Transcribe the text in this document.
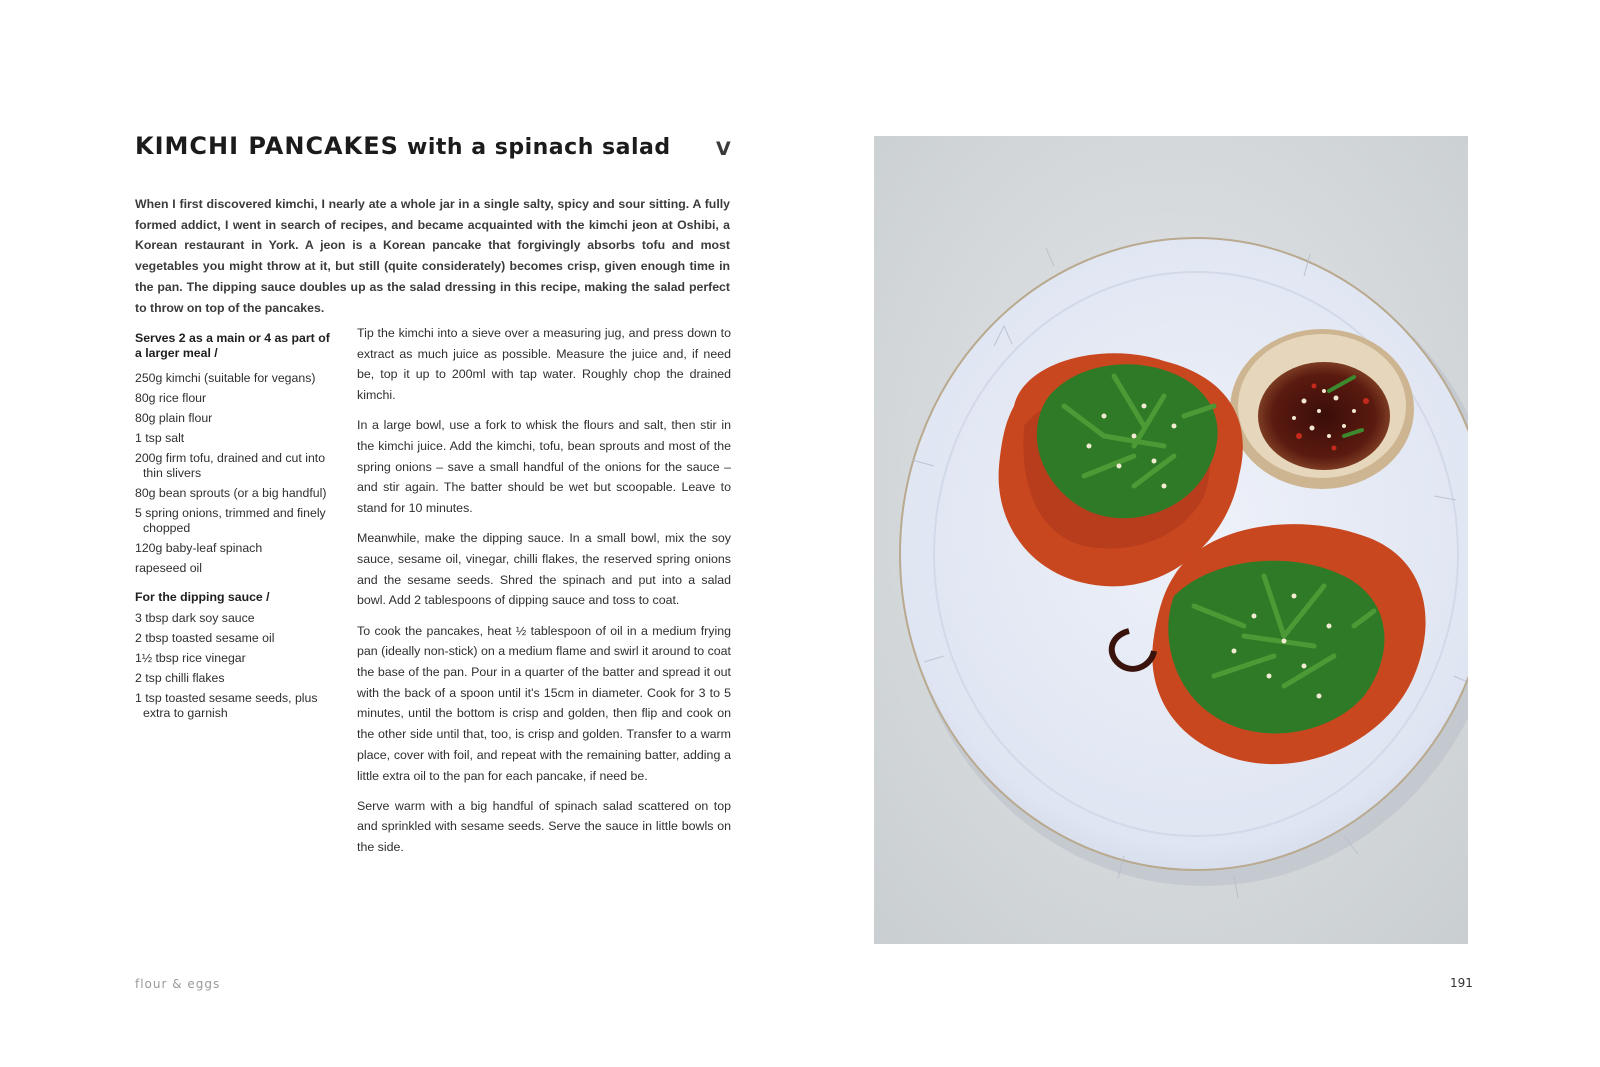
KIMCHI PANCAKES with a spinach salad	V

When I first discovered kimchi, I nearly ate a whole jar in a single salty, spicy and sour sitting. A fully formed addict, I went in search of recipes, and became acquainted with the kimchi jeon at Oshibi, a Korean restaurant in York. A jeon is a Korean pancake that forgivingly absorbs tofu and most vegetables you might throw at it, but still (quite considerately) becomes crisp, given enough time in the pan. The dipping sauce doubles up as the salad dressing in this recipe, making the salad perfect to throw on top of the pancakes.

Serves 2 as a main or 4 as part of a larger meal /
250g kimchi (suitable for vegans)
80g rice flour
80g plain flour
1 tsp salt
200g firm tofu, drained and cut into thin slivers
80g bean sprouts (or a big handful)
5 spring onions, trimmed and finely chopped
120g baby-leaf spinach
rapeseed oil
For the dipping sauce /
3 tbsp dark soy sauce
2 tbsp toasted sesame oil
1½ tbsp rice vinegar
2 tsp chilli flakes
1 tsp toasted sesame seeds, plus extra to garnish

Tip the kimchi into a sieve over a measuring jug, and press down to extract as much juice as possible. Measure the juice and, if need be, top it up to 200ml with tap water. Roughly chop the drained kimchi.

In a large bowl, use a fork to whisk the flours and salt, then stir in the kimchi juice. Add the kimchi, tofu, bean sprouts and most of the spring onions – save a small handful of the onions for the sauce – and stir again. The batter should be wet but scoopable. Leave to stand for 10 minutes.

Meanwhile, make the dipping sauce. In a small bowl, mix the soy sauce, sesame oil, vinegar, chilli flakes, the reserved spring onions and the sesame seeds. Shred the spinach and put into a salad bowl. Add 2 tablespoons of dipping sauce and toss to coat.

To cook the pancakes, heat ½ tablespoon of oil in a medium frying pan (ideally non-stick) on a medium flame and swirl it around to coat the base of the pan. Pour in a quarter of the batter and spread it out with the back of a spoon until it's 15cm in diameter. Cook for 3 to 5 minutes, until the bottom is crisp and golden, then flip and cook on the other side until that, too, is crisp and golden. Transfer to a warm place, cover with foil, and repeat with the remaining batter, adding a little extra oil to the pan for each pancake, if need be.

Serve warm with a big handful of spinach salad scattered on top and sprinkled with sesame seeds. Serve the sauce in little bowls on the side.

flour & eggs	191
